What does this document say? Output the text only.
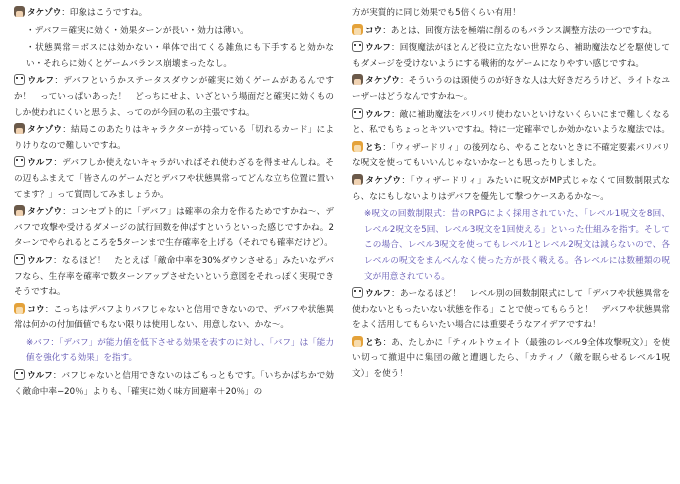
タケゾウ：印象はこうですね。

・デバフ＝確実に効く・効果ターンが長い・効力は薄い。

・状態異常＝ボスには効かない・単体で出てくる雑魚にも下手すると効かない・それらに効くとゲームバランス崩壊まったなし。

ウルフ：デバフというかステータスダウンが確実に効くゲームがあるんですか！　っていっぱいあった！　どっちにせよ、いざという場面だと確実に効くものしか使われにくいと思うよ、ってのが今回の私の主張ですね。

タケゾウ：結局このあたりはキャラクターが持っている「切れるカード」によりけりなので難しいですね。

ウルフ：デバフしか使えないキャラがいればそれ使わざるを得ませんしね。その辺もふまえて「皆さんのゲームだとデバフや状態異常ってどんな立ち位置に置いてます？」って質問してみましょうか。

タケゾウ：コンセプト的に「デバフ」は確率の余力を作るためですかね〜、デバフで攻撃や受けるダメージの試行回数を伸ばすというといった感じですかね。2ターンでやられるところを5ターンまで生存確率を上げる（それでも確率だけど）。

ウルフ：なるほど！　たとえば「敵命中率を30%ダウンさせる」みたいなデバフなら、生存率を確率で数ターンアップさせたいという意図をそれっぽく実現できそうですね。

コウ：こっちはデバフよりバフじゃないと信用できないので、デバフや状態異常は何かの付加価値でもない限りは使用しない、用意しない、かな〜。

※バフ：「デバフ」が能力値を低下させる効果を表すのに対し、「バフ」は「能力値を強化する効果」を指す。

ウルフ：バフじゃないと信用できないのはごもっともです。「いちかばちかで効く敵命中率−20％」よりも、「確実に効く味方回避率＋20％」の

方が実質的に同じ効果でも5倍くらい有用！

コウ：あとは、回復方法を極端に削るのもバランス調整方法の一つですね。

ウルフ：回復魔法がほとんど役に立たない世界なら、補助魔法などを駆使してもダメージを受けないようにする戦術的なゲームになりやすい感じですね。

タケゾウ：そういうのは頭使うのが好きな人は大好きだろうけど、ライトなユーザーはどうなんですかね〜。

ウルフ：敵に補助魔法をバリバリ使わないといけないくらいにまで難しくなると、私でもちょっとキツいですね。特に一定確率でしか効かないような魔法では。

とち：「ウィザードリィ」の後列なら、やることないときに不確定要素バリバリな呪文を使ってもいいんじゃないかなーとも思ったりしました。

タケゾウ：「ウィザードリィ」みたいに呪文がMP式じゃなくて回数制限式なら、なにもしないよりはデバフを優先して撃つケースあるかな〜。

※呪文の回数制限式：昔のRPGによく採用されていた、「レベル1呪文を8回、レベル2呪文を5回、レベル3呪文を1回使える」といった仕組みを指す。そしてこの場合、レベル3呪文を使ってもレベル1とレベル2呪文は減らないので、各レベルの呪文をまんべんなく使った方が長く戦える。各レベルには数種類の呪文が用意されている。

ウルフ：あーなるほど！　レベル別の回数制限式にして「デバフや状態異常を使わないともったいない状態を作る」ことで使ってもらうと！　デバフや状態異常をよく活用してもらいたい場合には重要そうなアイデアですね！

とち：あ、たしかに「ティルトウェイト（最強のレベル9全体攻撃呪文）」を使い切って撤退中に集団の敵と遭遇したら、「カティノ（敵を眠らせるレベル1呪文）」を使う！
